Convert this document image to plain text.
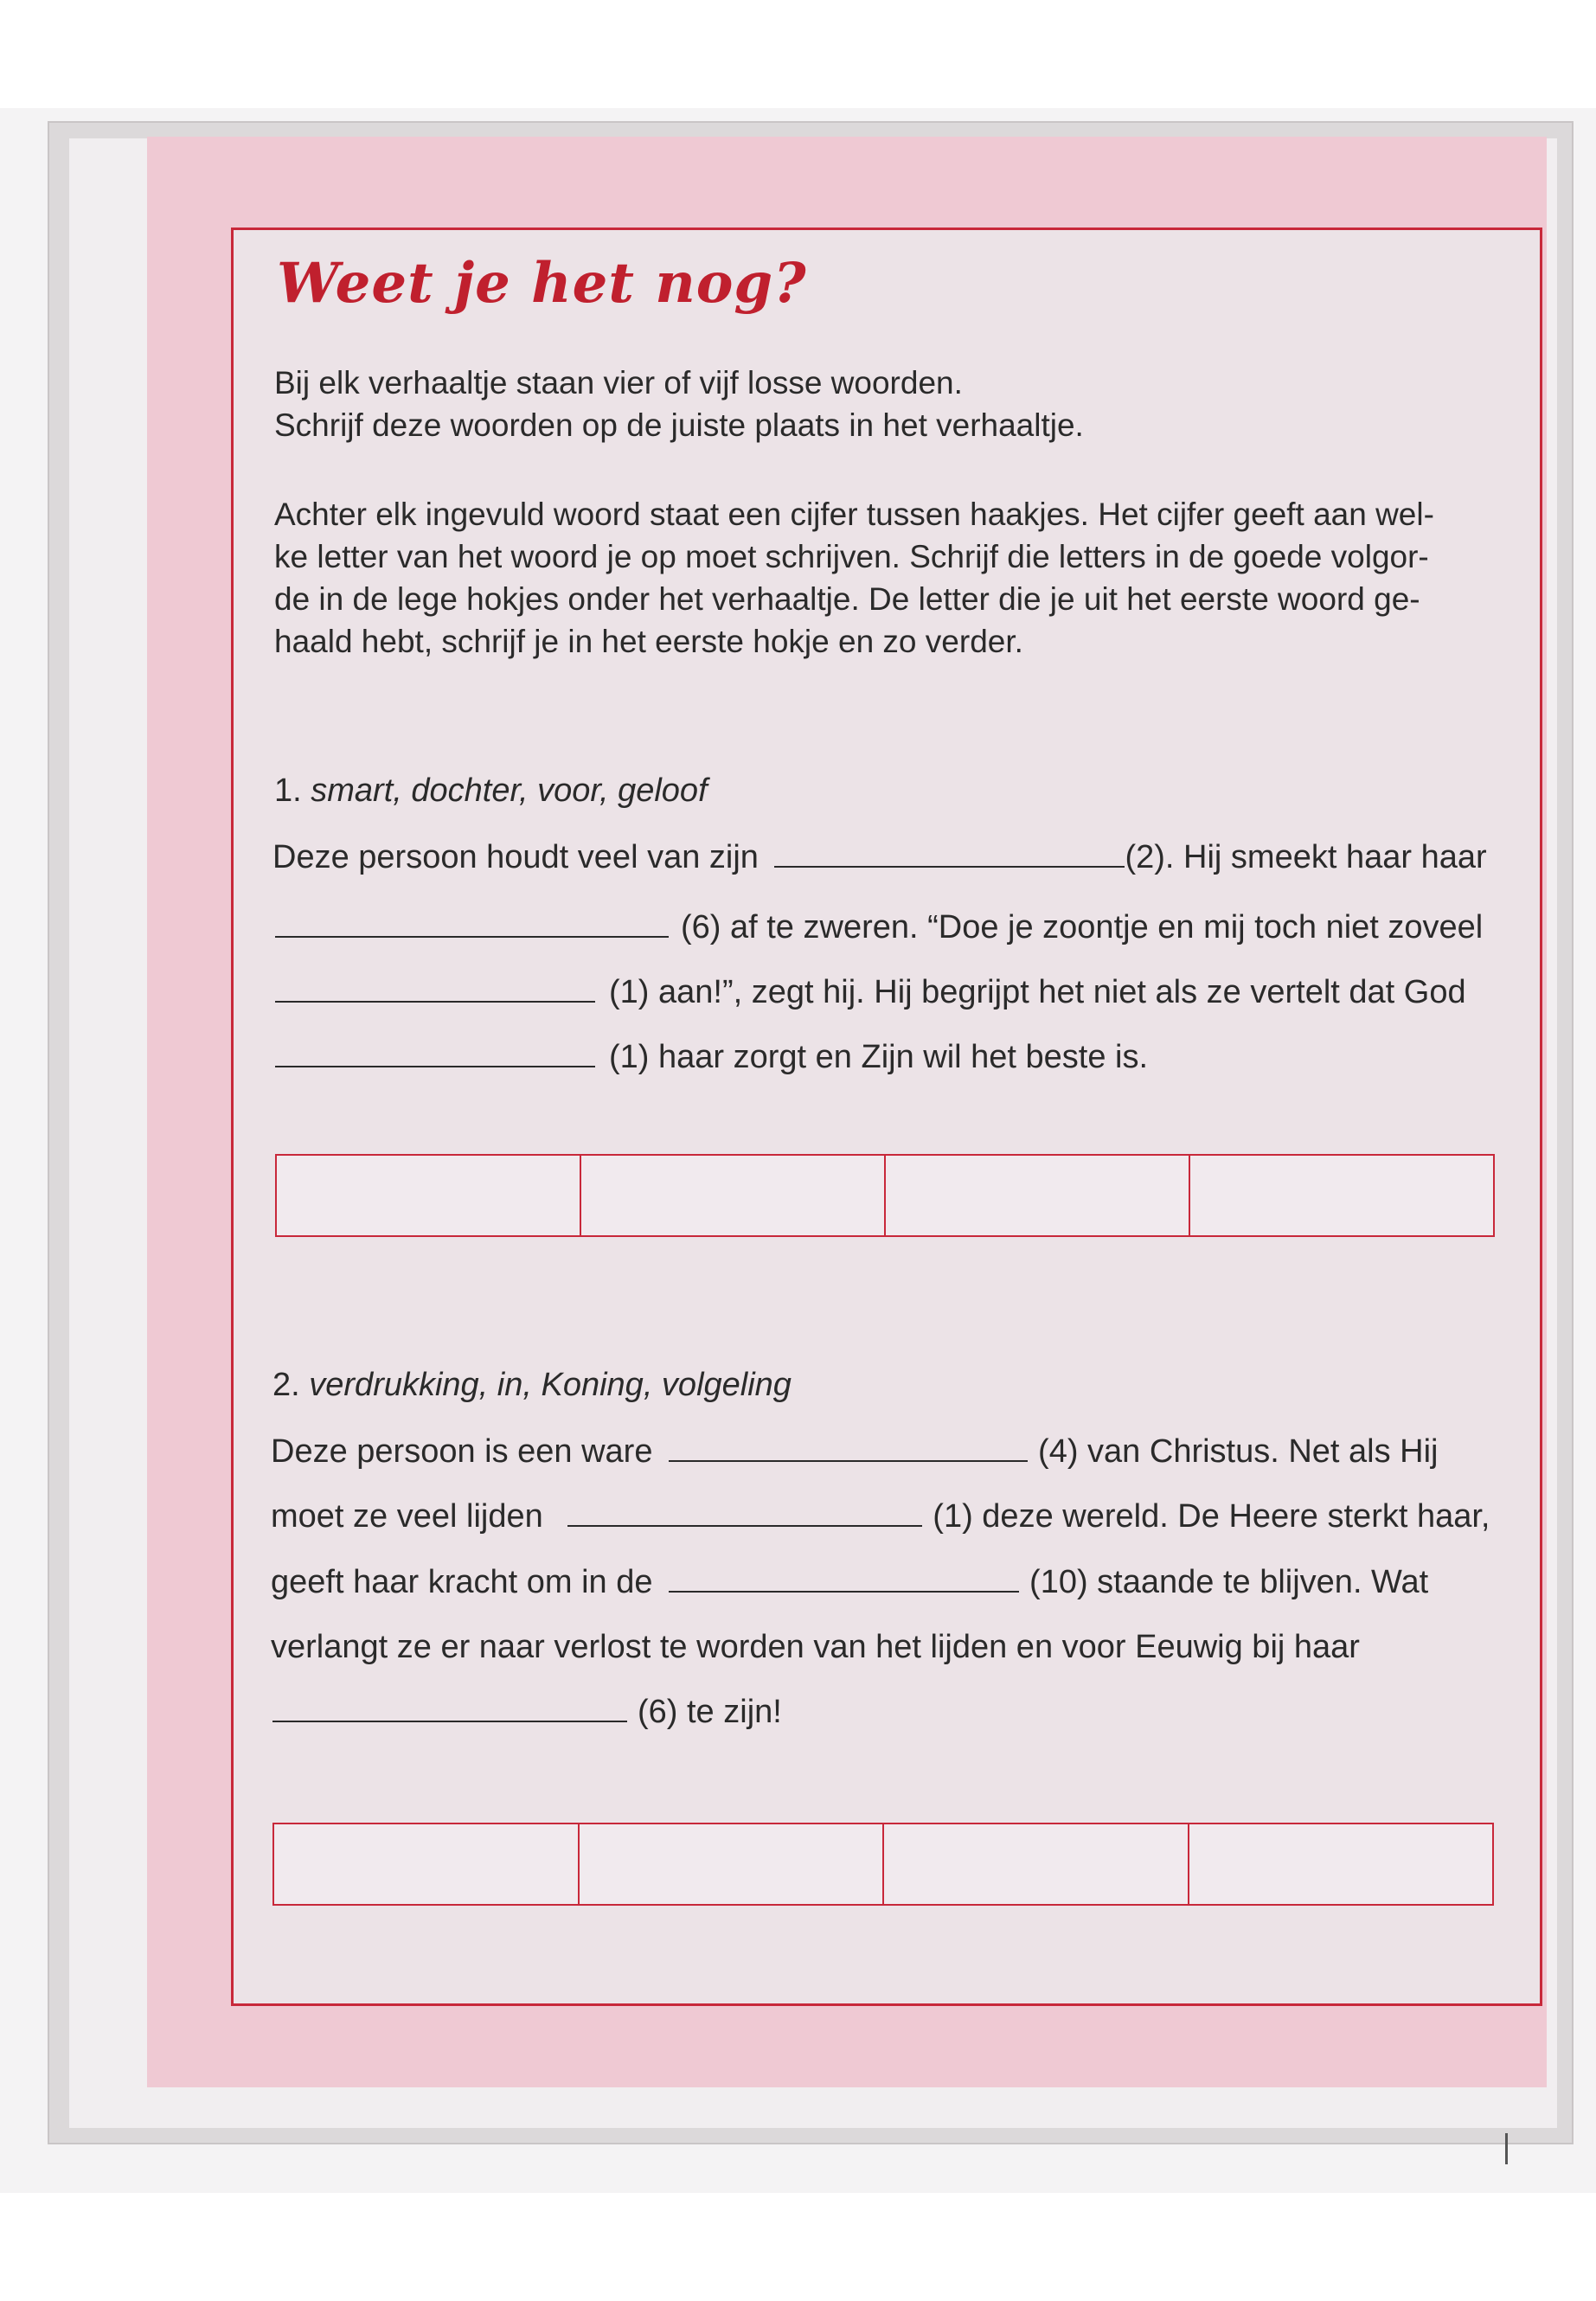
Weet je het nog?
Bij elk verhaaltje staan vier of vijf losse woorden.
Schrijf deze woorden op de juiste plaats in het verhaaltje.
Achter elk ingevuld woord staat een cijfer tussen haakjes. Het cijfer geeft aan wel-
ke letter van het woord je op moet schrijven. Schrijf die letters in de goede volgor-
de in de lege hokjes onder het verhaaltje. De letter die je uit het eerste woord ge-
haald hebt, schrijf je in het eerste hokje en zo verder.
1. smart, dochter, voor, geloof
Deze persoon houdt veel van zijn	(2). Hij smeekt haar haar
(6) af te zweren. “Doe je zoontje en mij toch niet zoveel
(1) aan!”, zegt hij. Hij begrijpt het niet als ze vertelt dat God
(1) haar zorgt en Zijn wil het beste is.
2. verdrukking, in, Koning, volgeling
Deze persoon is een ware	(4) van Christus. Net als Hij
moet ze veel lijden	(1) deze wereld. De Heere sterkt haar,
geeft haar kracht om in de	(10) staande te blijven. Wat
verlangt ze er naar verlost te worden van het lijden en voor Eeuwig bij haar
(6) te zijn!
